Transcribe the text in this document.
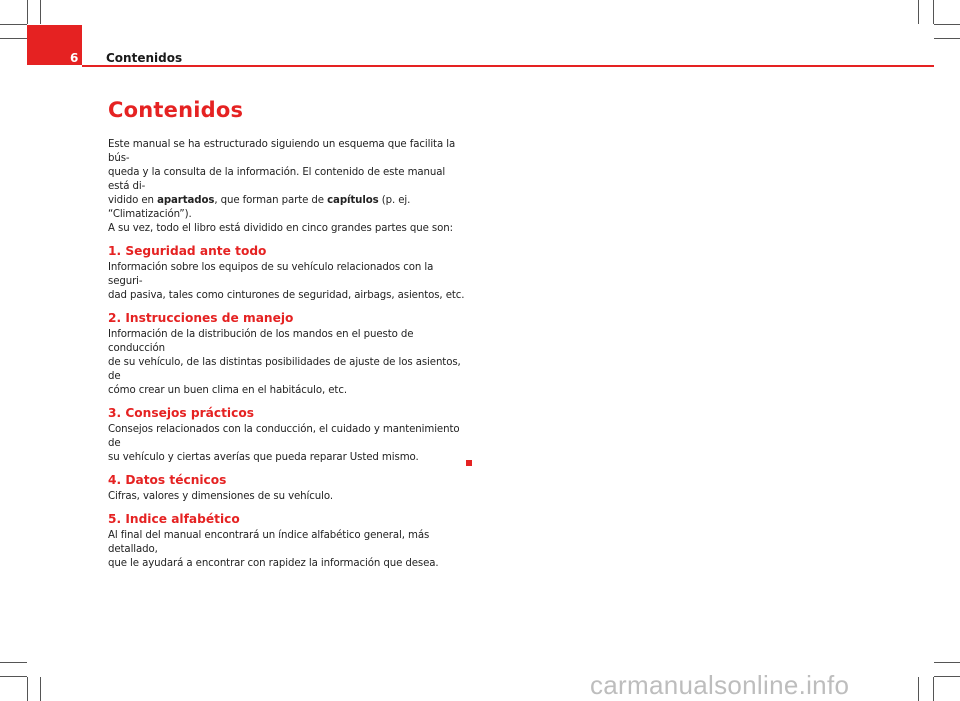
6 Contenidos
Contenidos

Este manual se ha estructurado siguiendo un esquema que facilita la bús-
queda y la consulta de la información. El contenido de este manual está di-
vidido en apartados, que forman parte de capítulos (p. ej. “Climatización”).
A su vez, todo el libro está dividido en cinco grandes partes que son:

1. Seguridad ante todo

Información sobre los equipos de su vehículo relacionados con la seguri-
dad pasiva, tales como cinturones de seguridad, airbags, asientos, etc.

2. Instrucciones de manejo

Información de la distribución de los mandos en el puesto de conducción
de su vehículo, de las distintas posibilidades de ajuste de los asientos, de
cómo crear un buen clima en el habitáculo, etc.

3. Consejos prácticos

Consejos relacionados con la conducción, el cuidado y mantenimiento de
su vehículo y ciertas averías que pueda reparar Usted mismo.

4. Datos técnicos

Cifras, valores y dimensiones de su vehículo.

5. Indice alfabético

Al final del manual encontrará un índice alfabético general, más detallado,
que le ayudará a encontrar con rapidez la información que desea.

carmanualsonline.info
